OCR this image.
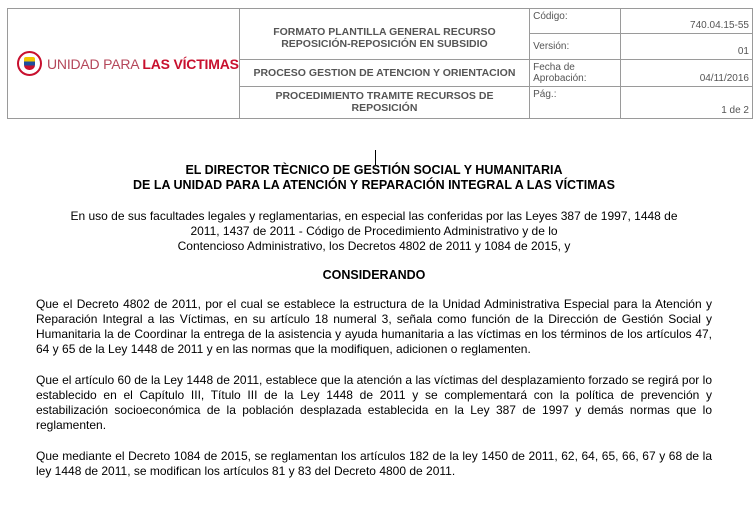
UNIDAD PARA LAS VÍCTIMAS	FORMATO PLANTILLA GENERAL RECURSO
REPOSICIÓN-REPOSICIÓN EN SUBSIDIO	Código:	740.04.15-55
		Versión:	01
	PROCESO GESTION DE ATENCION Y ORIENTACION	Fecha de Aprobación:	04/11/2016

	PROCEDIMIENTO TRAMITE RECURSOS DE
REPOSICIÓN	Pág.:	1 de 2
EL DIRECTOR TÈCNICO DE GESTIÓN SOCIAL Y HUMANITARIA
DE LA UNIDAD PARA LA ATENCIÓN Y REPARACIÓN INTEGRAL A LAS VÍCTIMAS
En uso de sus facultades legales y reglamentarias, en especial las conferidas por las Leyes 387 de 1997, 1448 de
2011, 1437 de 2011 - Código de Procedimiento Administrativo y de lo
Contencioso Administrativo, los Decretos 4802 de 2011 y 1084 de 2015, y
CONSIDERANDO

Que el Decreto 4802 de 2011, por el cual se establece la estructura de la Unidad Administrativa Especial para la Atención y Reparación Integral a las Víctimas, en su artículo 18 numeral 3, señala como función de la Dirección de Gestión Social y Humanitaria la de Coordinar la entrega de la asistencia y ayuda humanitaria a las víctimas en los términos de los artículos 47, 64 y 65 de la Ley 1448 de 2011 y en las normas que la modifiquen, adicionen o reglamenten.

Que el artículo 60 de la Ley 1448 de 2011, establece que la atención a las víctimas del desplazamiento forzado se regirá por lo establecido en el Capítulo III, Título III de la Ley 1448 de 2011 y se complementará con la política de prevención y estabilización socioeconómica de la población desplazada establecida en la Ley 387 de 1997 y demás normas que lo reglamenten.

Que mediante el Decreto 1084 de 2015, se reglamentan los artículos 182 de la ley 1450 de 2011, 62, 64, 65, 66, 67 y 68 de la ley 1448 de 2011, se modifican los artículos 81 y 83 del Decreto 4800 de 2011.
